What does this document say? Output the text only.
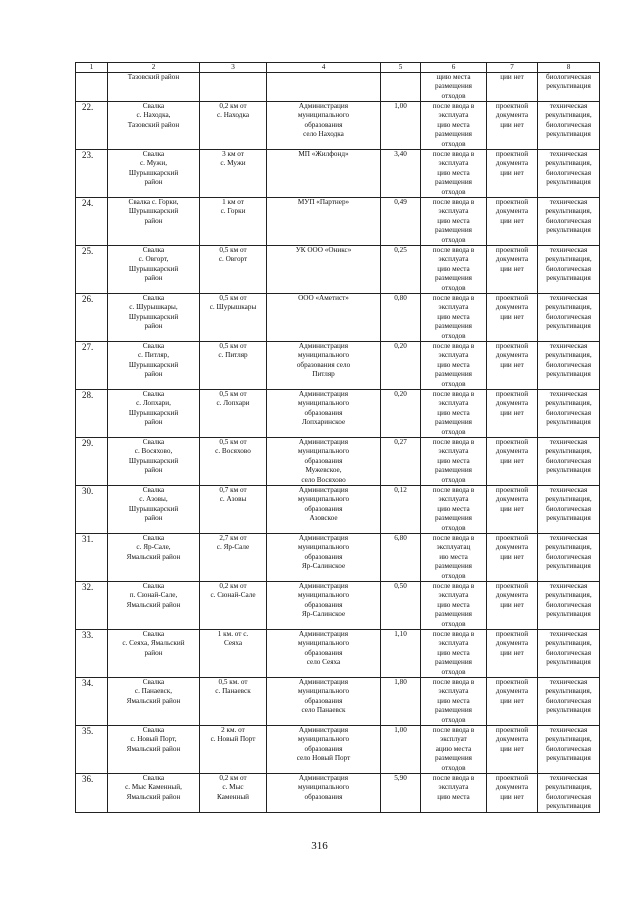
1	2	3	4	5	6	7	8
	Тазовский район				щию места
размещения
отходов	ции нет	биологическая
рекультивация
22.	Свалка
с. Находка,
Тазовский район	0,2 км от
с. Находка	Администрация
муниципального
образования
село Находка	1,00	после ввода в
эксплуата
цию места
размещения
отходов	проектной
документа
ции нет	техническая
рекультивация,
биологическая
рекультивация
23.	Свалка
с. Мужи,
Шурышкарский
район	3 км от
с. Мужи	МП «Жилфонд»	3,40	после ввода в
эксплуата
цию места
размещения
отходов	проектной
документа
ции нет	техническая
рекультивация,
биологическая
рекультивация
24.	Свалка с. Горки,
Шурышкарский
район	1 км от
с. Горки	МУП «Партнер»	0,49	после ввода в
эксплуата
цию места
размещения
отходов	проектной
документа
ции нет	техническая
рекультивация,
биологическая
рекультивация
25.	Свалка
с. Овгорт,
Шурышкарский
район	0,5 км от
с. Овгорт	УК ООО «Оникс»	0,25	после ввода в
эксплуата
цию места
размещения
отходов	проектной
документа
ции нет	техническая
рекультивация,
биологическая
рекультивация
26.	Свалка
с. Шурышкары,
Шурышкарский
район	0,5 км от
с. Шурышкары	ООО «Аметист»	0,80	после ввода в
эксплуата
цию места
размещения
отходов	проектной
документа
ции нет	техническая
рекультивация,
биологическая
рекультивация
27.	Свалка
с. Питляр,
Шурышкарский
район	0,5 км от
с. Питляр	Администрация
муниципального
образования село
Питляр	0,20	после ввода в
эксплуата
цию места
размещения
отходов	проектной
документа
ции нет	техническая
рекультивация,
биологическая
рекультивация
28.	Свалка
с. Лопхари,
Шурышкарский
район	0,5 км от
с. Лопхари	Администрация
муниципального
образования
Лопхаринское	0,20	после ввода в
эксплуата
цию места
размещения
отходов	проектной
документа
ции нет	техническая
рекультивация,
биологическая
рекультивация
29.	Свалка
с. Восяхово,
Шурышкарский
район	0,5 км от
с. Восяхово	Администрация
муниципального
образования
Мужевское,
село Восяхово	0,27	после ввода в
эксплуата
цию места
размещения
отходов	проектной
документа
ции нет	техническая
рекультивация,
биологическая
рекультивация
30.	Свалка
с. Азовы,
Шурышкарский
район	0,7 км от
с. Азовы	Администрация
муниципального
образования
Азовское	0,12	после ввода в
эксплуата
цию места
размещения
отходов	проектной
документа
ции нет	техническая
рекультивация,
биологическая
рекультивация
31.	Свалка
с. Яр-Сале,
Ямальский район	2,7 км от
с. Яр-Сале	Администрация
муниципального
образования
Яр-Салинское	6,80	после ввода в
эксплуатац
ию места
размещения
отходов	проектной
документа
ции нет	техническая
рекультивация,
биологическая
рекультивация
32.	Свалка
п. Сюнай-Сале,
Ямальский район	0,2 км от
с. Сюнай-Сале	Администрация
муниципального
образования
Яр-Салинское	0,50	после ввода в
эксплуата
цию места
размещения
отходов	проектной
документа
ции нет	техническая
рекультивация,
биологическая
рекультивация
33.	Свалка
с. Сеяха, Ямальский
район	1 км. от с.
Сеяха	Администрация
муниципального
образования
село Сеяха	1,10	после ввода в
эксплуата
цию места
размещения
отходов	проектной
документа
ции нет	техническая
рекультивация,
биологическая
рекультивация
34.	Свалка
с. Панаевск,
Ямальский район	0,5 км. от
с. Панаевск	Администрация
муниципального
образования
село Панаевск	1,80	после ввода в
эксплуата
цию места
размещения
отходов	проектной
документа
ции нет	техническая
рекультивация,
биологическая
рекультивация
35.	Свалка
с. Новый Порт,
Ямальский район	2 км. от
с. Новый Порт	Администрация
муниципального
образования
село Новый Порт	1,00	после ввода в
эксплуат
ацию места
размещения
отходов	проектной
документа
ции нет	техническая
рекультивация,
биологическая
рекультивация
36.	Свалка
с. Мыс Каменный,
Ямальский район	0,2 км от
с. Мыс
Каменный	Администрация
муниципального
образования	5,90	после ввода в
эксплуата
цию места	проектной
документа
ции нет	техническая
рекультивация,
биологическая
рекультивация
316
